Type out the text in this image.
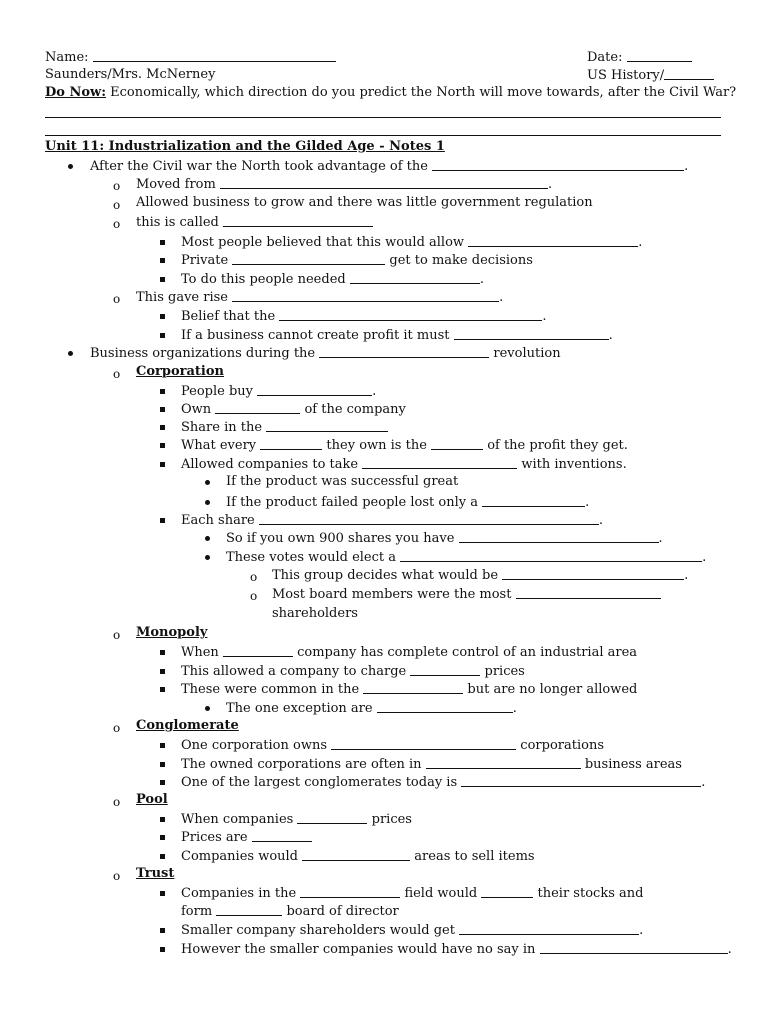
Name:	Date:
Saunders/Mrs. McNerney	US History/
Do Now: Economically, which direction do you predict the North will move towards, after the Civil War?
Unit 11: Industrialization and the Gilded Age - Notes 1
After the Civil war the North took advantage of the	.
o Moved from	.
o Allowed business to grow and there was little government regulation
o this is called
Most people believed that this would allow	.
Private	get to make decisions
To do this people needed	.
o This gave rise	.
Belief that the	.
If a business cannot create profit it must	.
Business organizations during the	revolution
o Corporation
People buy	.
Own	of the company
Share in the
What every	they own is the	of the profit they get.
Allowed companies to take	with inventions.
If the product was successful great
If the product failed people lost only a	.
Each share	.
So if you own 900 shares you have	.
These votes would elect a	.
o This group decides what would be	.
o Most board members were the most
shareholders
o Monopoly
When	company has complete control of an industrial area
This allowed a company to charge	prices
These were common in the	but are no longer allowed
The one exception are	.
o Conglomerate
One corporation owns	corporations
The owned corporations are often in	business areas
One of the largest conglomerates today is	.
o Pool
When companies	prices
Prices are
Companies would	areas to sell items
o Trust
Companies in the	field would	their stocks and
form	board of director
Smaller company shareholders would get	.
However the smaller companies would have no say in	.
